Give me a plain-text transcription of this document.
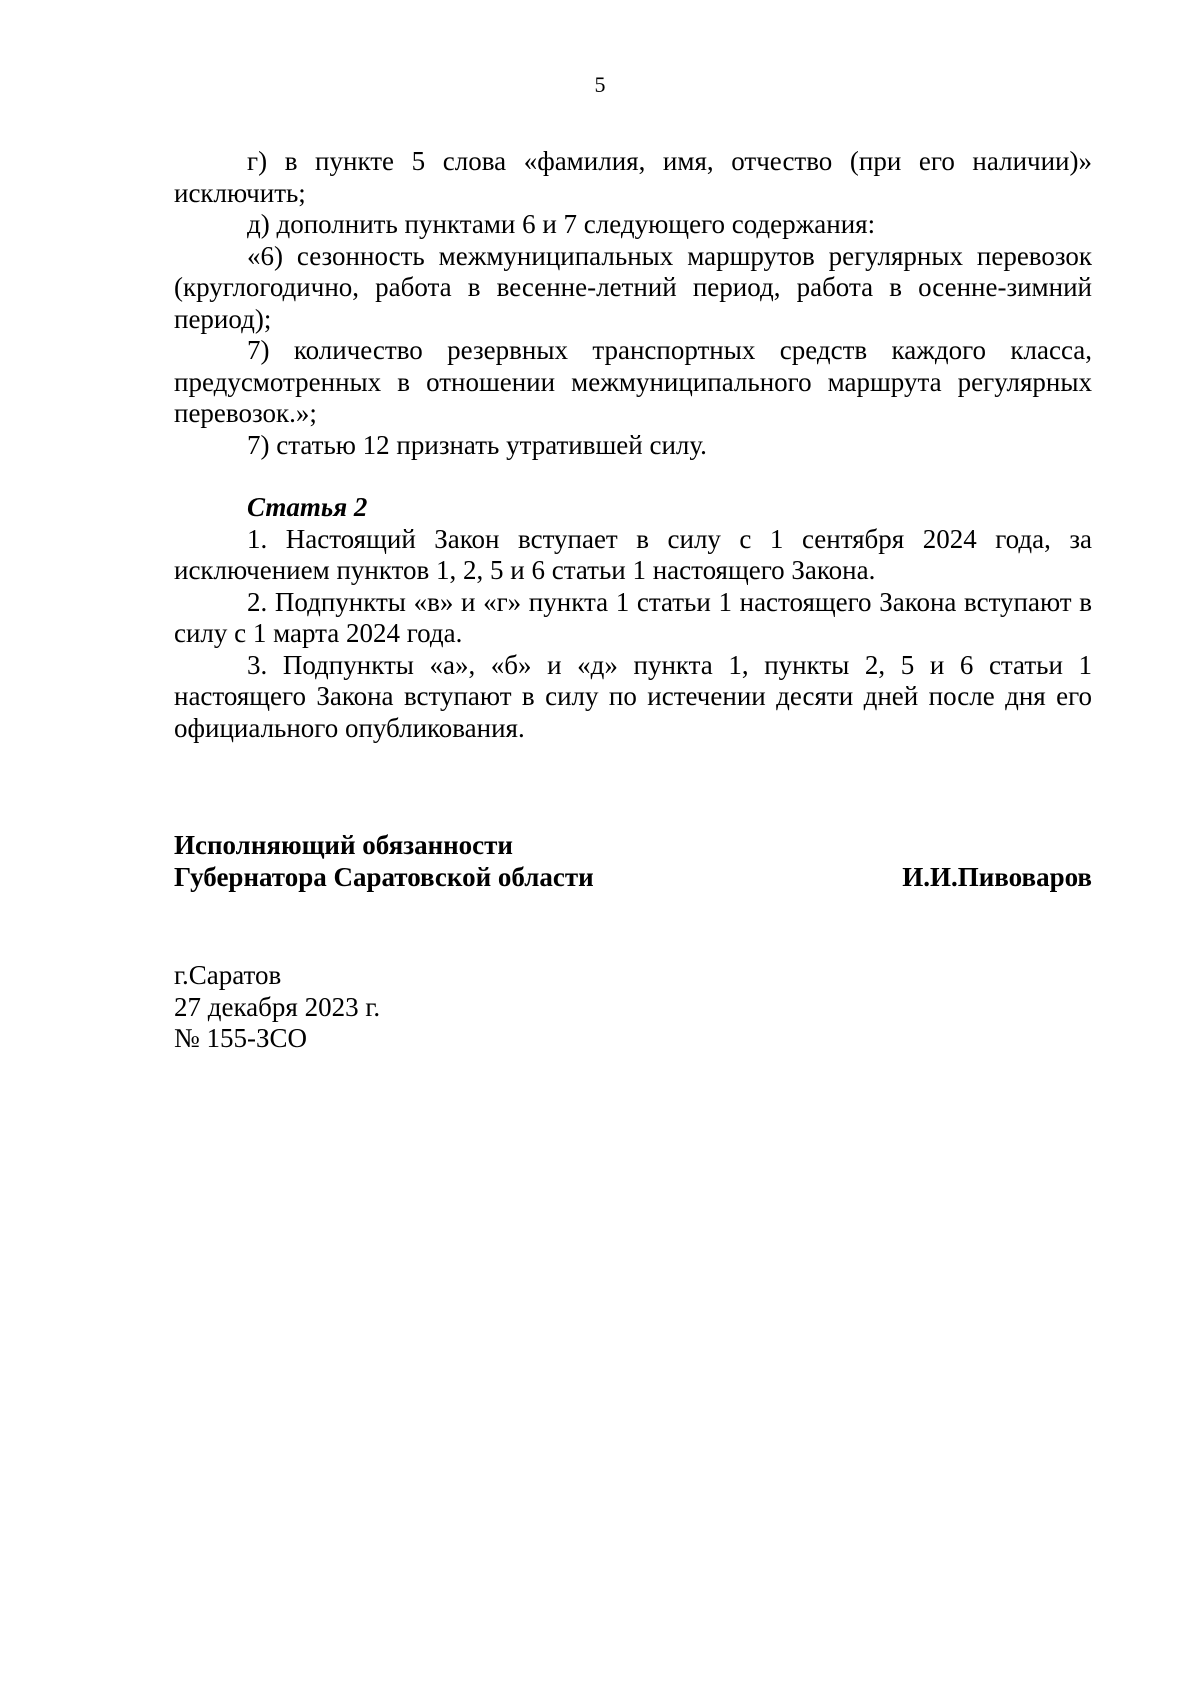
5

г) в пункте 5 слова «фамилия, имя, отчество (при его наличии)» исключить;

д) дополнить пунктами 6 и 7 следующего содержания:

«6) сезонность межмуниципальных маршрутов регулярных перевозок (круглогодично, работа в весенне-летний период, работа в осенне-зимний период);

7) количество резервных транспортных средств каждого класса, предусмотренных в отношении межмуниципального маршрута регулярных перевозок.»;

7) статью 12 признать утратившей силу.

Статья 2

1. Настоящий Закон вступает в силу с 1 сентября 2024 года, за исключением пунктов 1, 2, 5 и 6 статьи 1 настоящего Закона.

2. Подпункты «в» и «г» пункта 1 статьи 1 настоящего Закона вступают в силу с 1 марта 2024 года.

3. Подпункты «а», «б» и «д» пункта 1, пункты 2, 5 и 6 статьи 1 настоящего Закона вступают в силу по истечении десяти дней после дня его официального опубликования.

Исполняющий обязанности
Губернатора Саратовской области	И.И.Пивоваров
г.Саратов
27 декабря 2023 г.
№ 155-ЗСО
